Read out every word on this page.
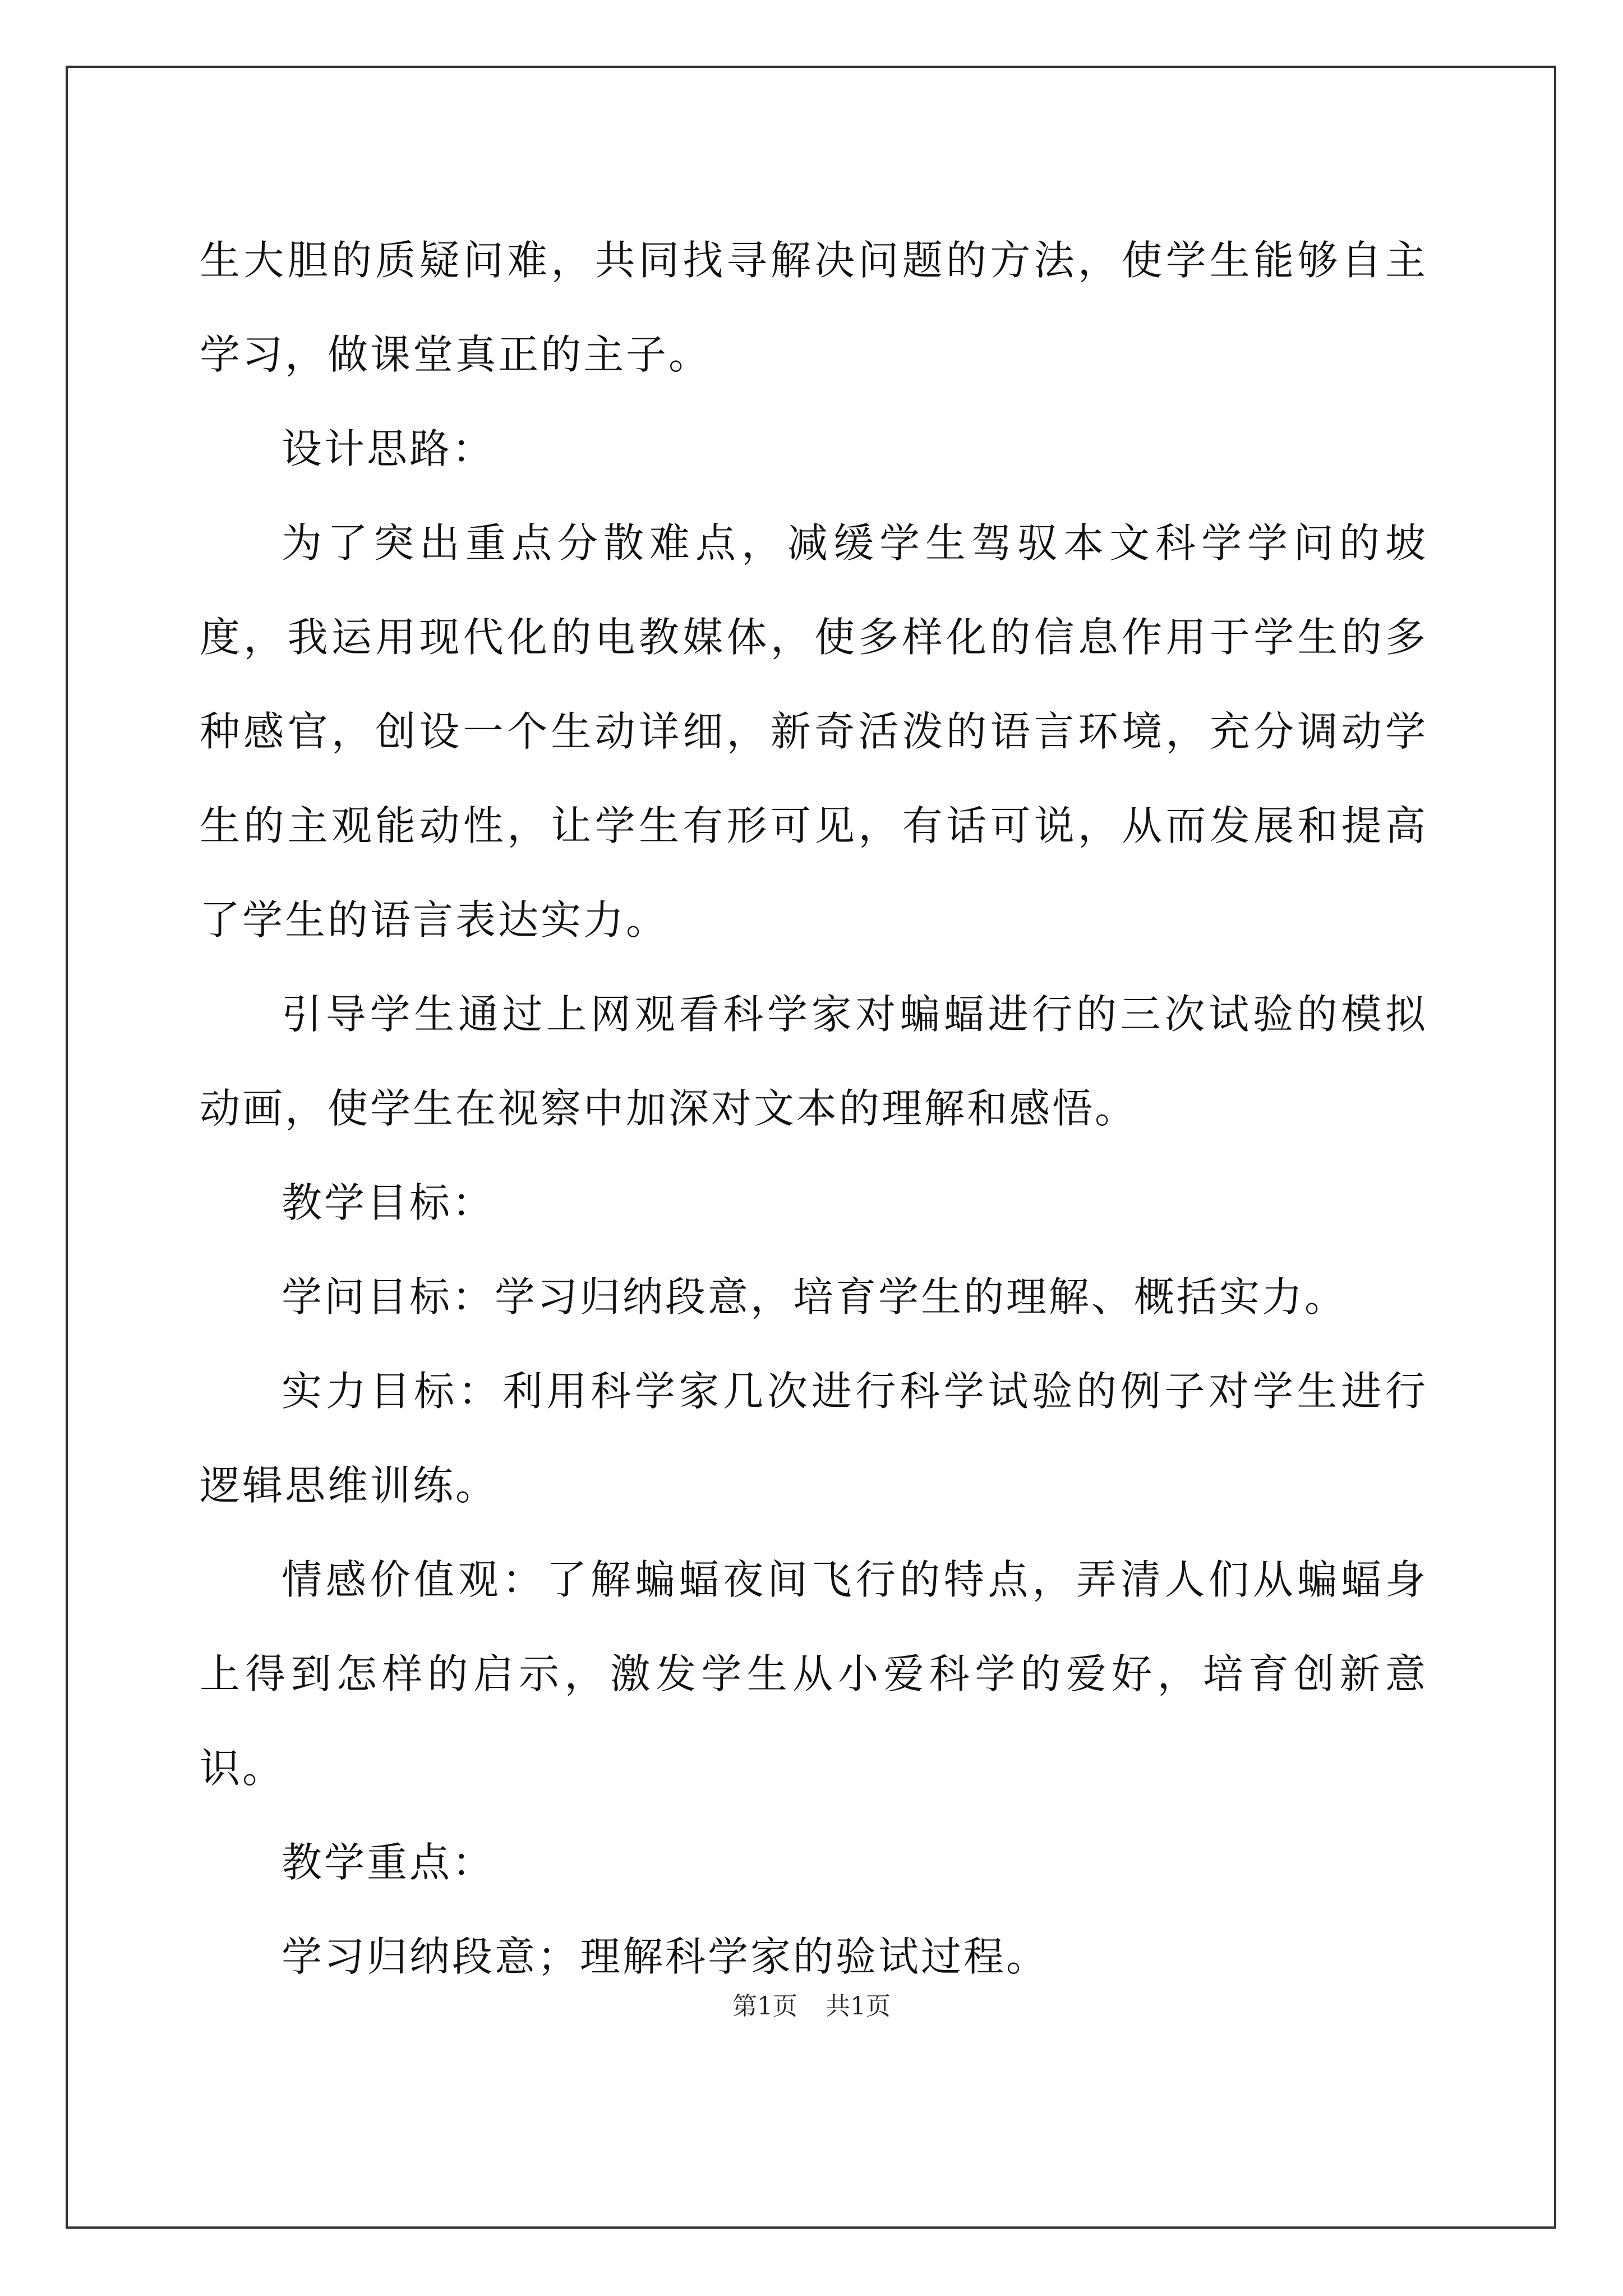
生大胆的质疑问难，共同找寻解决问题的方法，使学生能够自主学习，做课堂真正的主子。

设计思路：

为了突出重点分散难点，减缓学生驾驭本文科学学问的坡度，我运用现代化的电教媒体，使多样化的信息作用于学生的多种感官，创设一个生动详细，新奇活泼的语言环境，充分调动学生的主观能动性，让学生有形可见，有话可说，从而发展和提高了学生的语言表达实力。

引导学生通过上网观看科学家对蝙蝠进行的三次试验的模拟动画，使学生在视察中加深对文本的理解和感悟。

教学目标：

学问目标：学习归纳段意，培育学生的理解、概括实力。

实力目标：利用科学家几次进行科学试验的例子对学生进行逻辑思维训练。

情感价值观：了解蝙蝠夜间飞行的特点，弄清人们从蝙蝠身上得到怎样的启示，激发学生从小爱科学的爱好，培育创新意识。

教学重点：

学习归纳段意；理解科学家的验试过程。

第1页 共1页
